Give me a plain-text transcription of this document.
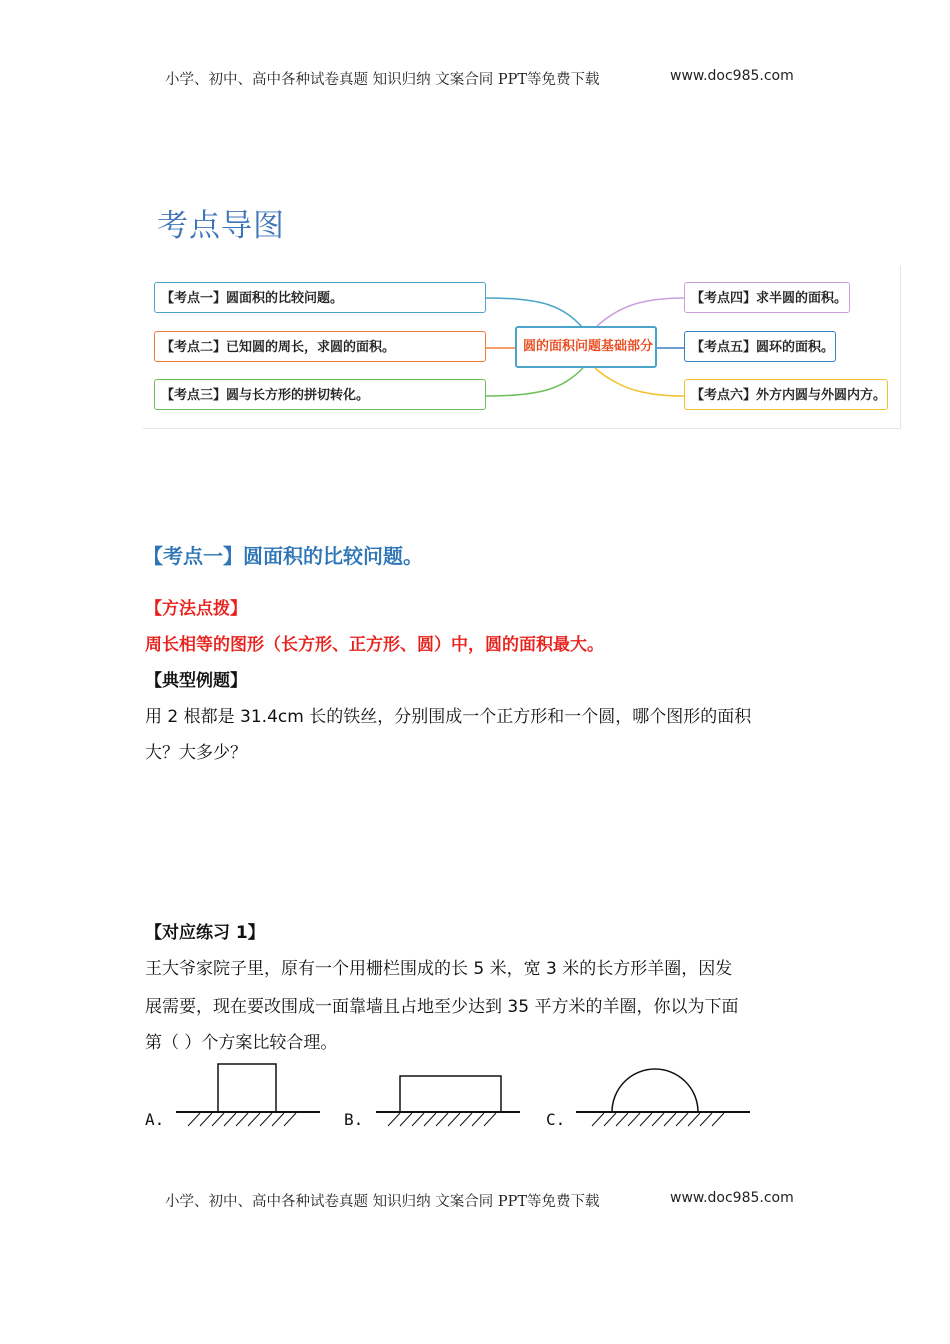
小学、初中、高中各种试卷真题 知识归纳 文案合同 PPT等免费下载	www.doc985.com
考点导图
【考点一】圆面积的比较问题。
【考点二】已知圆的周长，求圆的面积。
【考点三】圆与长方形的拼切转化。
圆的面积问题基础部分
【考点四】求半圆的面积。
【考点五】圆环的面积。
【考点六】外方内圆与外圆内方。
【考点一】圆面积的比较问题。
【方法点拨】
周长相等的图形（长方形、正方形、圆）中，圆的面积最大。
【典型例题】
用 2 根都是 31.4cm 长的铁丝，分别围成一个正方形和一个圆，哪个图形的面积
大？大多少？
【对应练习 1】
王大爷家院子里，原有一个用栅栏围成的长 5 米，宽 3 米的长方形羊圈，因发
展需要，现在要改围成一面靠墙且占地至少达到 35 平方米的羊圈，你以为下面
第（ ）个方案比较合理。
A.	B.	C.
小学、初中、高中各种试卷真题 知识归纳 文案合同 PPT等免费下载	www.doc985.com
